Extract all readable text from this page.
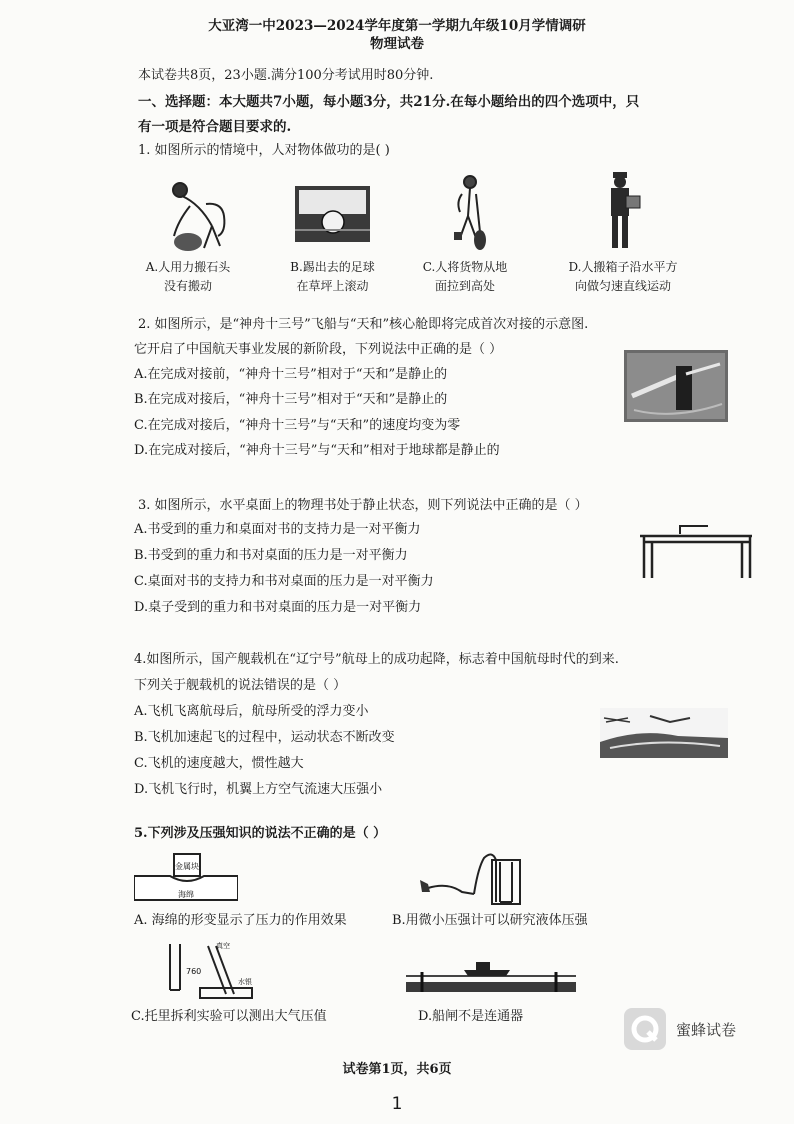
大亚湾一中2023—2024学年度第一学期九年级10月学情调研
物理试卷
本试卷共8页，23小题.满分100分考试用时80分钟.
一、选择题：本大题共7小题，每小题3分，共21分.在每小题给出的四个选项中，只
有一项是符合题目要求的.
1. 如图所示的情境中，人对物体做功的是( )
A.人用力搬石头
没有搬动
B.踢出去的足球
在草坪上滚动
C.人将货物从地
面拉到高处
D.人搬箱子沿水平方
向做匀速直线运动
2. 如图所示，是“神舟十三号”飞船与“天和”核心舱即将完成首次对接的示意图.
它开启了中国航天事业发展的新阶段，下列说法中正确的是（ ）
A.在完成对接前，“神舟十三号”相对于“天和”是静止的
B.在完成对接后，“神舟十三号”相对于“天和”是静止的
C.在完成对接后，“神舟十三号”与“天和”的速度均变为零
D.在完成对接后，“神舟十三号”与“天和”相对于地球都是静止的
3. 如图所示，水平桌面上的物理书处于静止状态，则下列说法中正确的是（ ）
A.书受到的重力和桌面对书的支持力是一对平衡力
B.书受到的重力和书对桌面的压力是一对平衡力
C.桌面对书的支持力和书对桌面的压力是一对平衡力
D.桌子受到的重力和书对桌面的压力是一对平衡力
4.如图所示，国产舰载机在“辽宁号”航母上的成功起降，标志着中国航母时代的到来.
下列关于舰载机的说法错误的是（ ）
A.飞机飞离航母后，航母所受的浮力变小
B.飞机加速起飞的过程中，运动状态不断改变
C.飞机的速度越大，惯性越大
D.飞机飞行时，机翼上方空气流速大压强小
5.下列涉及压强知识的说法不正确的是（ ）
金属块
海绵
760
真空
水银
A. 海绵的形变显示了压力的作用效果	B.用微小压强计可以研究液体压强
C.托里拆利实验可以测出大气压值	D.船闸不是连通器
蜜蜂试卷
试卷第1页，共6页
1
